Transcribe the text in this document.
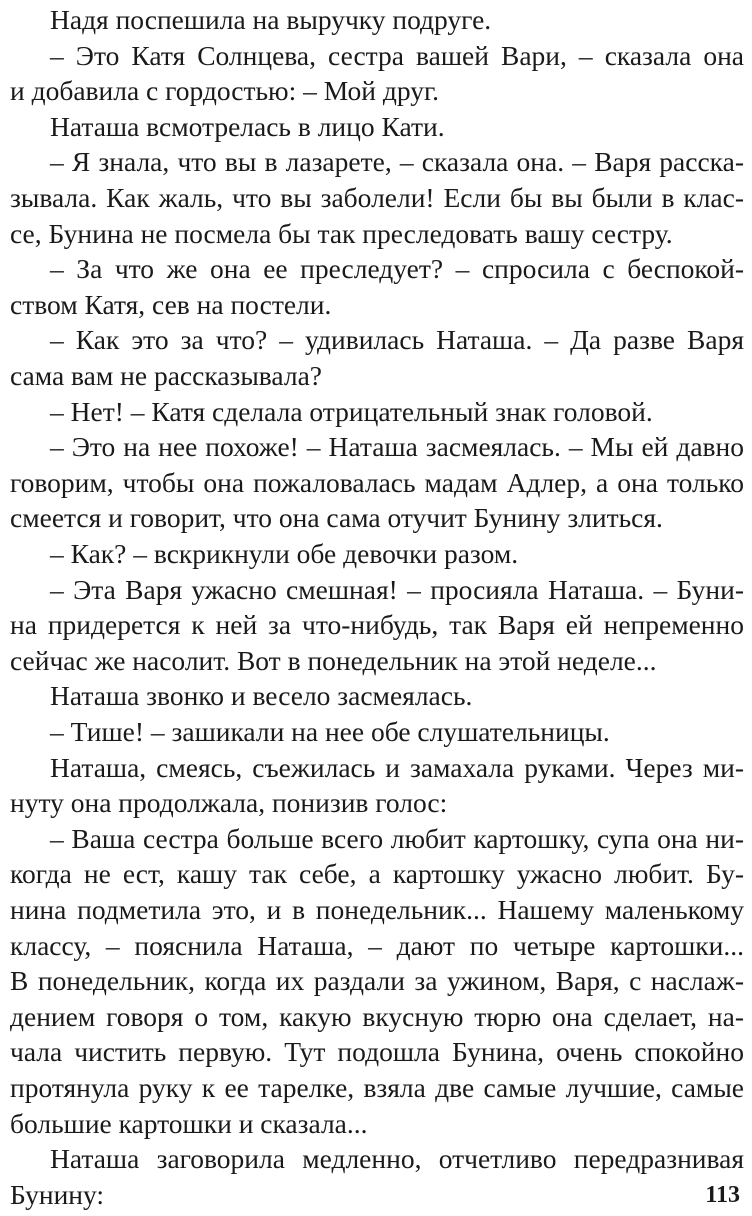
Надя поспешила на выручку подруге.
– Это Катя Солнцева, сестра вашей Вари, – сказала она
и добавила с гордостью: – Мой друг.
Наташа всмотрелась в лицо Кати.
– Я знала, что вы в лазарете, – сказала она. – Варя расска-
зывала. Как жаль, что вы заболели! Если бы вы были в клас-
се, Бунина не посмела бы так преследовать вашу сестру.
– За что же она ее преследует? – спросила с беспокой-
ством Катя, сев на постели.
– Как это за что? – удивилась Наташа. – Да разве Варя
сама вам не рассказывала?
– Нет! – Катя сделала отрицательный знак головой.
– Это на нее похоже! – Наташа засмеялась. – Мы ей давно
говорим, чтобы она пожаловалась мадам Адлер, а она только
смеется и говорит, что она сама отучит Бунину злиться.
– Как? – вскрикнули обе девочки разом.
– Эта Варя ужасно смешная! – просияла Наташа. – Буни-
на придерется к ней за что-нибудь, так Варя ей непременно
сейчас же насолит. Вот в понедельник на этой неделе...
Наташа звонко и весело засмеялась.
– Тише! – зашикали на нее обе слушательницы.
Наташа, смеясь, съежилась и замахала руками. Через ми-
нуту она продолжала, понизив голос:
– Ваша сестра больше всего любит картошку, супа она ни-
когда не ест, кашу так себе, а картошку ужасно любит. Бу-
нина подметила это, и в понедельник... Нашему маленькому
классу, – пояснила Наташа, – дают по четыре картошки...
В понедельник, когда их раздали за ужином, Варя, с наслаж-
дением говоря о том, какую вкусную тюрю она сделает, на-
чала чистить первую. Тут подошла Бунина, очень спокойно
протянула руку к ее тарелке, взяла две самые лучшие, самые
большие картошки и сказала...
Наташа заговорила медленно, отчетливо передразнивая
Бунину:	113
